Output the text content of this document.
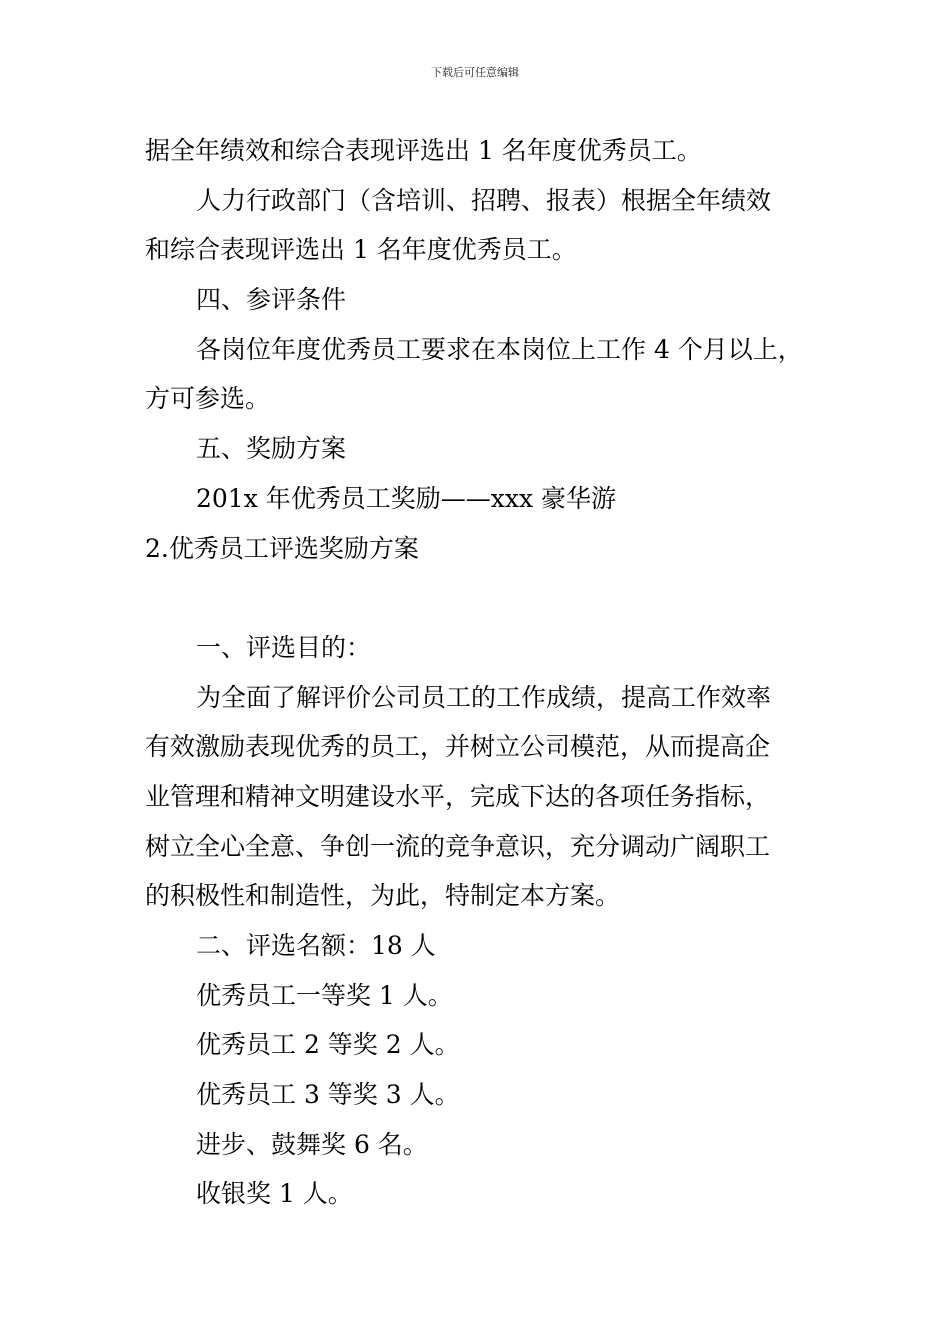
下载后可任意编辑
据全年绩效和综合表现评选出 1 名年度优秀员工。
人力行政部门（含培训、招聘、报表）根据全年绩效
和综合表现评选出 1 名年度优秀员工。
四、参评条件
各岗位年度优秀员工要求在本岗位上工作 4 个月以上，
方可参选。
五、奖励方案
201x 年优秀员工奖励——xxx 豪华游
2.优秀员工评选奖励方案
一、评选目的：
为全面了解评价公司员工的工作成绩，提高工作效率
有效激励表现优秀的员工，并树立公司模范，从而提高企
业管理和精神文明建设水平，完成下达的各项任务指标，
树立全心全意、争创一流的竞争意识，充分调动广阔职工
的积极性和制造性，为此，特制定本方案。
二、评选名额：18 人
优秀员工一等奖 1 人。
优秀员工 2 等奖 2 人。
优秀员工 3 等奖 3 人。
进步、鼓舞奖 6 名。
收银奖 1 人。
